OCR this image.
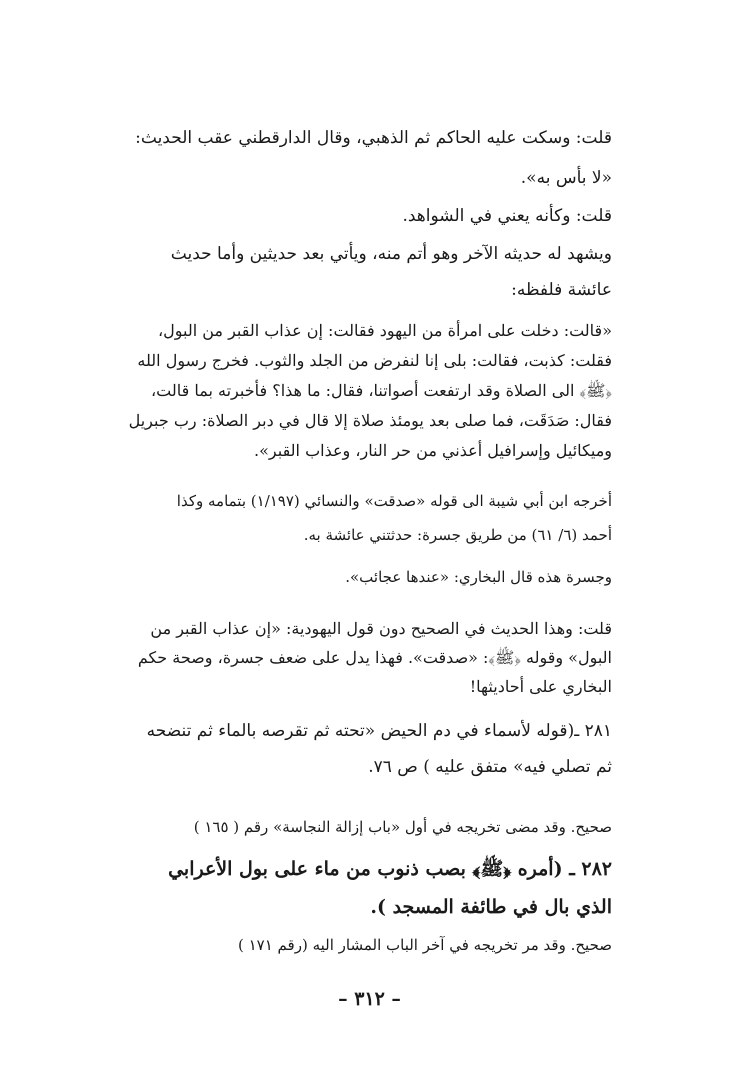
قلت: وسكت عليه الحاكم ثم الذهبي، وقال الدارقطني عقب الحديث:
«لا بأس به».
قلت: وكأنه يعني في الشواهد.
ويشهد له حديثه الآخر وهو أتم منه، ويأتي بعد حديثين وأما حديث
عائشة فلفظه:
«قالت: دخلت على امرأة من اليهود فقالت: إن عذاب القبر من البول،
فقلت: كذبت، فقالت: بلى إنا لنفرض من الجلد والثوب. فخرج رسول الله
﴿ﷺ﴾ الى الصلاة وقد ارتفعت أصواتنا، فقال: ما هذا؟ فأخبرته بما قالت،
فقال: صَدَقَت، فما صلى بعد يومئذ صلاة إلا قال في دبر الصلاة: رب جبريل
وميكائيل وإسرافيل أعذني من حر النار، وعذاب القبر».
أخرجه ابن أبي شيبة الى قوله «صدقت» والنسائي (١/١٩٧) بتمامه وكذا
أحمد (٦/ ٦١) من طريق جسرة: حدثتني عائشة به.
وجسرة هذه قال البخاري: «عندها عجائب».
قلت: وهذا الحديث في الصحيح دون قول اليهودية: «إن عذاب القبر من
البول» وقوله ﴿ﷺ﴾: «صدقت». فهذا يدل على ضعف جسرة، وصحة حكم
البخاري على أحاديثها!
٢٨١ ـ(قوله لأسماء في دم الحيض «تحته ثم تقرصه بالماء ثم تنضحه
ثم تصلي فيه» متفق عليه ) ص ٧٦.
صحيح. وقد مضى تخريجه في أول «باب إزالة النجاسة» رقم ( ١٦٥ )
٢٨٢ ـ (أمره ﴿ﷺ﴾ بصب ذنوب من ماء على بول الأعرابي
الذي بال في طائفة المسجد ).
صحيح. وقد مر تخريجه في آخر الباب المشار اليه (رقم ١٧١ )
– ٣١٢ –
